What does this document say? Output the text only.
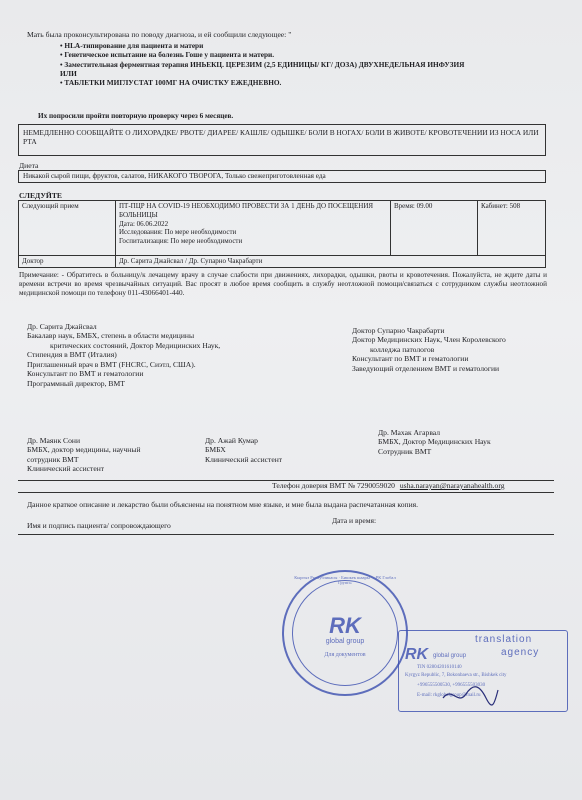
Мать была проконсультирована по поводу диагноза, и ей сообщили следующее: "
• HLA-типирование для пациента и матери
• Генетическое испытание на болезнь Гоше у пациента и матери.
• Заместительная ферментная терапия ИНЬЕКЦ. ЦЕРЕЗИМ (2,5 ЕДИНИЦЫ/ КГ/ ДОЗА) ДВУХНЕДЕЛЬНАЯ ИНФУЗИЯ
ИЛИ
• ТАБЛЕТКИ МИГЛУСТАТ 100МГ НА ОЧИСТКУ ЕЖЕДНЕВНО.
Их попросили пройти повторную проверку через 6 месяцев.
НЕМЕДЛЕННО СООБЩАЙТЕ О ЛИХОРАДКЕ/ РВОТЕ/ ДИАРЕЕ/ КАШЛЕ/ ОДЫШКЕ/ БОЛИ В НОГАХ/ БОЛИ В ЖИВОТЕ/ КРОВОТЕЧЕНИИ ИЗ НОСА ИЛИ РТА
Диета
Никакой сырой пищи, фруктов, салатов, НИКАКОГО ТВОРОГА, Только свежеприготовленная еда
СЛЕДУЙТЕ
Следующий прием	ПТ-ПЦР НА COVID-19 НЕОБХОДИМО ПРОВЕСТИ ЗА 1 ДЕНЬ ДО ПОСЕЩЕНИЯ БОЛЬНИЦЫ
Дата: 06.06.2022
Исследования: По мере необходимости
Госпитализация: По мере необходимости	Время: 09.00	Кабинет: 508
Доктор	Др. Сарита Джайсвал / Др. Супарно Чакрабарти		
Примечание: - Обратитесь в больницу/к лечащему врачу в случае слабости при движениях, лихорадки, одышки, рвоты и кровотечения. Пожалуйста, не ждите даты и времени встречи во время чрезвычайных ситуаций. Вас просят в любое время сообщить в службу неотложной помощи/связаться с сотрудником службы неотложной медицинской помощи по телефону 011-43066401-440.
Др. Сарита Джайсвал
Бакалавр наук, БМБХ, степень в области медицины
критических состояний, Доктор Медицинских Наук,
Стипендия в ВМТ (Италия)
Приглашенный врач в ВМТ (FHCRC, Сиэтл, США).
Консультант по ВМТ и гематологии
Программный директор, ВМТ
Доктор Супарно Чакрабарти
Доктор Медицинских Наук, Член Королевского
колледжа патологов
Консультант по ВМТ и гематологии
Заведующий отделением ВМТ и гематологии
Др. Маянк Сони
БМБХ, доктор медицины, научный
сотрудник ВМТ
Клинический ассистент
Др. Ажай Кумар
БМБХ
Клинический ассистент
Др. Махак Агарвал
БМБХ, Доктор Медицинских Наук
Сотрудник ВМТ
Телефон доверия ВМТ № 7290059020 usha.narayan@narayanahealth.org
Данное краткое описание и лекарство были объяснены на понятном мне языке, и мне была выдана распечатанная копия.
Имя и подпись пациента/ сопровождающего
Дата и время:
Кыргыз Республикасы · Бишкек шаары · «РК Глобал Групп»
RK
global group
Для документов
translation
agency
RK global group
TIN 02804201610140
Kyrgyz Republic, 7, Bokonbaeva str., Bishkek city
+996555500530, +996555503030
E-mail: rkglobalgroup@mail.ru
